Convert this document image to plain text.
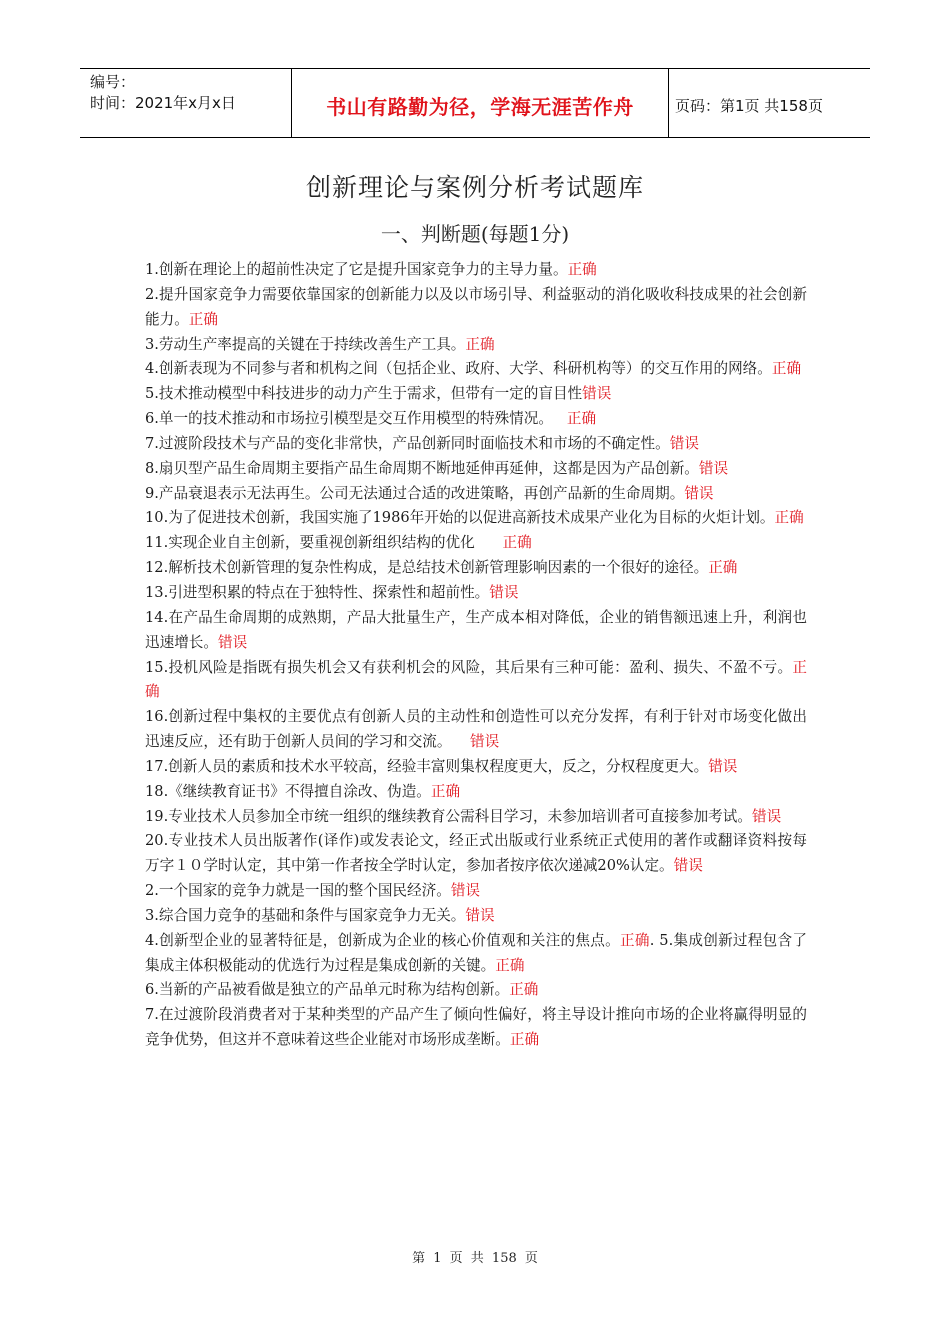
编号：
时间：2021年x月x日	书山有路勤为径，学海无涯苦作舟	页码：第1页 共158页
创新理论与案例分析考试题库
一、判断题(每题1分)

1.创新在理论上的超前性决定了它是提升国家竞争力的主导力量。正确

2.提升国家竞争力需要依靠国家的创新能力以及以市场引导、利益驱动的消化吸收科技成果的社会创新能力。正确

3.劳动生产率提高的关键在于持续改善生产工具。正确

4.创新表现为不同参与者和机构之间（包括企业、政府、大学、科研机构等）的交互作用的网络。正确

5.技术推动模型中科技进步的动力产生于需求，但带有一定的盲目性错误

6.单一的技术推动和市场拉引模型是交互作用模型的特殊情况。 正确

7.过渡阶段技术与产品的变化非常快，产品创新同时面临技术和市场的不确定性。错误

8.扇贝型产品生命周期主要指产品生命周期不断地延伸再延伸，这都是因为产品创新。错误

9.产品衰退表示无法再生。公司无法通过合适的改进策略，再创产品新的生命周期。错误

10.为了促进技术创新，我国实施了1986年开始的以促进高新技术成果产业化为目标的火炬计划。正确

11.实现企业自主创新，要重视创新组织结构的优化 正确

12.解析技术创新管理的复杂性构成，是总结技术创新管理影响因素的一个很好的途径。正确

13.引进型积累的特点在于独特性、探索性和超前性。错误

14.在产品生命周期的成熟期，产品大批量生产，生产成本相对降低，企业的销售额迅速上升，利润也迅速增长。错误

15.投机风险是指既有损失机会又有获利机会的风险，其后果有三种可能：盈利、损失、不盈不亏。正确

16.创新过程中集权的主要优点有创新人员的主动性和创造性可以充分发挥，有利于针对市场变化做出迅速反应，还有助于创新人员间的学习和交流。 错误

17.创新人员的素质和技术水平较高，经验丰富则集权程度更大，反之，分权程度更大。错误

18.《继续教育证书》不得擅自涂改、伪造。正确

19.专业技术人员参加全市统一组织的继续教育公需科目学习，未参加培训者可直接参加考试。错误

20.专业技术人员出版著作(译作)或发表论文，经正式出版或行业系统正式使用的著作或翻译资料按每万字１０学时认定，其中第一作者按全学时认定，参加者按序依次递减20%认定。错误

2.一个国家的竞争力就是一国的整个国民经济。错误

3.综合国力竞争的基础和条件与国家竞争力无关。错误

4.创新型企业的显著特征是，创新成为企业的核心价值观和关注的焦点。正确. 5.集成创新过程包含了集成主体积极能动的优选行为过程是集成创新的关键。正确

6.当新的产品被看做是独立的产品单元时称为结构创新。正确

7.在过渡阶段消费者对于某种类型的产品产生了倾向性偏好，将主导设计推向市场的企业将赢得明显的竞争优势，但这并不意味着这些企业能对市场形成垄断。正确

第 1 页 共 158 页
